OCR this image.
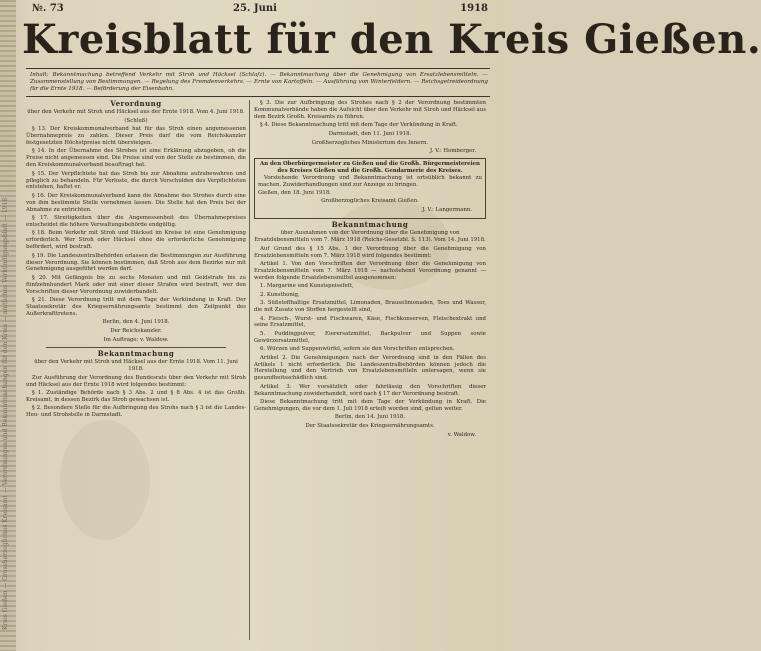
Kreis Gießen — Grossherzogliches Kreisamt — Verordnungen und Bekanntmachungen für den Kreis — amtliches Verkündigungsblatt — 1918
№. 73	25. Juni	1918
Kreisblatt für den Kreis Gießen.
Inhalt: Bekanntmachung betreffend Verkehr mit Stroh und Häcksel (Schlafz). — Bekanntmachung über die Genehmigung von Ersatzlebensmitteln. — Zusammenstellung von Bestimmungen. — Regelung des Fremdenverkehrs. — Ernte von Kartoffeln. — Ausführung von Winterfeldern. — Reichsgetreideordnung für die Ernte 1918. — Beförderung der Eisenbahn.
Verordnung
über den Verkehr mit Stroh und Häcksel aus der Ernte 1918. Vom 4. Juni 1918.

(Schluß)

§ 13. Der Kreiskommunalverband hat für das Stroh einen angemessenen Übernahmepreis zu zahlen. Dieser Preis darf die vom Reichskanzler festgesetzten Höchstpreise nicht übersteigen.

§ 14. In der Übernahme des Strohes ist eine Erklärung abzugeben, ob die Preise nicht angemessen sind. Die Preise sind von der Stelle zu bestimmen, die den Kreiskommunalverband beauftragt hat.

§ 15. Der Verpflichtete hat das Stroh bis zur Abnahme aufzubewahren und pfleglich zu behandeln. Für Verluste, die durch Verschulden des Verpflichteten entstehen, haftet er.

§ 16. Der Kreiskommunalverband kann die Abnahme des Strohes durch eine von ihm bestimmte Stelle vornehmen lassen. Die Stelle hat den Preis bei der Abnahme zu entrichten.

§ 17. Streitigkeiten über die Angemessenheit des Übernahmepreises entscheidet die höhere Verwaltungsbehörde endgültig.

§ 18. Beim Verkehr mit Stroh und Häcksel im Kreise ist eine Genehmigung erforderlich. Wer Stroh oder Häcksel ohne die erforderliche Genehmigung befördert, wird bestraft.

§ 19. Die Landeszentralbehörden erlassen die Bestimmungen zur Ausführung dieser Verordnung. Sie können bestimmen, daß Stroh aus dem Bezirke nur mit Genehmigung ausgeführt werden darf.

§ 20. Mit Gefängnis bis zu sechs Monaten und mit Geldstrafe bis zu fünfzehnhundert Mark oder mit einer dieser Strafen wird bestraft, wer den Vorschriften dieser Verordnung zuwiderhandelt.

§ 21. Diese Verordnung tritt mit dem Tage der Verkündung in Kraft. Der Staatssekretär des Kriegsernährungsamts bestimmt den Zeitpunkt des Außerkrafttretens.

Berlin, den 4. Juni 1918.
Der Reichskanzler.
Im Auftrage: v. Waldow.
Bekanntmachung
über den Verkehr mit Stroh und Häcksel aus der Ernte 1918. Vom 11. Juni 1918.

Zur Ausführung der Verordnung des Bundesrats über den Verkehr mit Stroh und Häcksel aus der Ernte 1918 wird folgendes bestimmt:

§ 1. Zuständige Behörde nach § 3 Abs. 2 und § 8 Abs. 4 ist das Großh. Kreisamt, in dessen Bezirk das Stroh gewachsen ist.

§ 2. Besondere Stelle für die Aufbringung des Strohs nach § 3 ist die Landes-Heu- und Strohstelle in Darmstadt.

§ 3. Die zur Aufbringung des Strohes nach § 2 der Verordnung bestimmten Kommunalverbände haben die Aufsicht über den Verkehr mit Stroh und Häcksel aus dem Bezirk Großh. Kreisamts zu führen.

§ 4. Diese Bekanntmachung tritt mit dem Tage der Verkündung in Kraft.

Darmstadt, den 11. Juni 1918.
Großherzogliches Ministerium des Innern.
J. V.: Homberger.
An den Oberbürgermeister zu Gießen und die Großh. Bürgermeistereien des Kreises Gießen und die Großh. Gendarmerie des Kreises.

Vorstehende Verordnung und Bekanntmachung ist ortsüblich bekannt zu machen. Zuwiderhandlungen sind zur Anzeige zu bringen.

Gießen, den 18. Juni 1918.
Großherzogliches Kreisamt Gießen.
J. V.: Langermann.
Bekanntmachung
über Ausnahmen von der Verordnung über die Genehmigung von Ersatzlebensmitteln vom 7. März 1918 (Reichs-Gesetzbl. S. 113). Vom 14. Juni 1918.

Auf Grund des § 15 Abs. 1 der Verordnung über die Genehmigung von Ersatzlebensmitteln vom 7. März 1918 wird folgendes bestimmt:

Artikel 1. Von den Vorschriften der Verordnung über die Genehmigung von Ersatzlebensmitteln vom 7. März 1918 — nachstehend Verordnung genannt — werden folgende Ersatzlebensmittel ausgenommen:

1. Margarine und Kunstspeisefett,

2. Kunsthonig,

3. Süßstoffhaltige Ersatzmittel, Limonaden, Brauselimonaden, Tees und Wasser, die mit Zusatz von Stoffen hergestellt sind,

4. Fleisch-, Wurst- und Fischwaren, Käse, Fischkonserven, Fleischextrakt und seine Ersatzmittel,

5. Puddingpulver, Eierersatzmittel, Backpulver und Suppen sowie Gewürzersatzmittel,

6. Würzen und Suppenwürfel, sofern sie den Vorschriften entsprechen.

Artikel 2. Die Genehmigungen nach der Verordnung sind in den Fällen des Artikels 1 nicht erforderlich. Die Landeszentralbehörden können jedoch die Herstellung und den Vertrieb von Ersatzlebensmitteln untersagen, wenn sie gesundheitsschädlich sind.

Artikel 3. Wer vorsätzlich oder fahrlässig den Vorschriften dieser Bekanntmachung zuwiderhandelt, wird nach § 17 der Verordnung bestraft.

Diese Bekanntmachung tritt mit dem Tage der Verkündung in Kraft. Die Genehmigungen, die vor dem 1. Juli 1918 erteilt worden sind, gelten weiter.

Berlin, den 14. Juni 1918.
Der Staatssekretär des Kriegsernährungsamts.
v. Waldow.
